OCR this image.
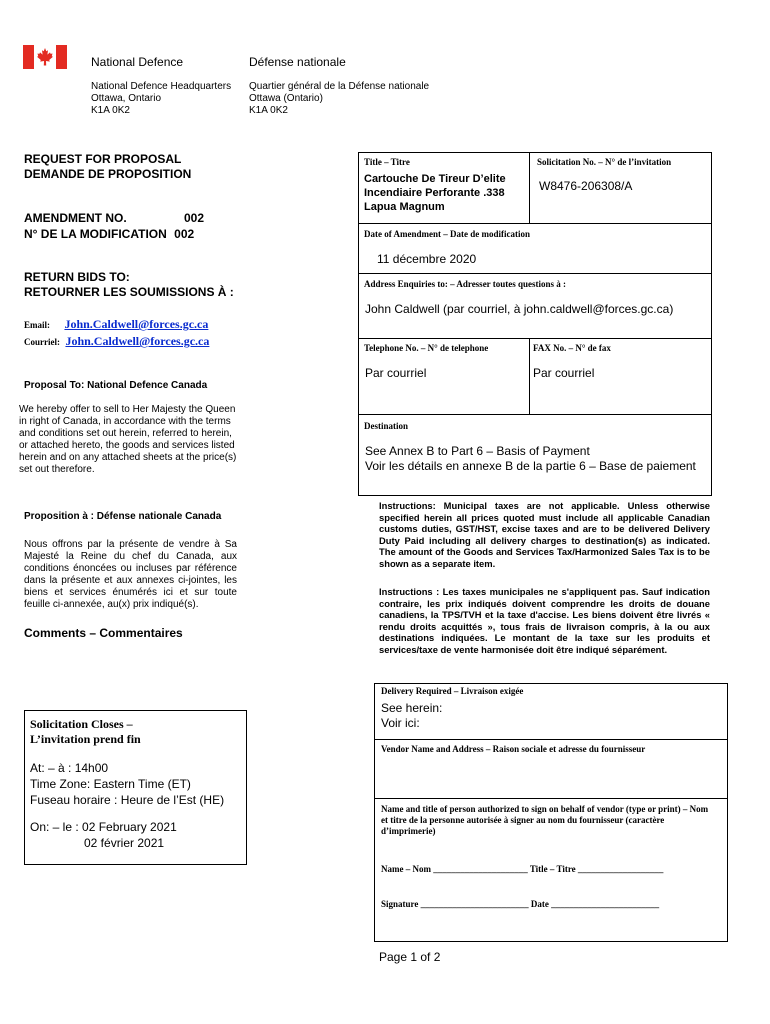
National Defence	Défense nationale
National Defence Headquarters
Ottawa, Ontario
K1A 0K2
Quartier général de la Défense nationale
Ottawa (Ontario)
K1A 0K2
REQUEST FOR PROPOSAL
DEMANDE DE PROPOSITION
AMENDMENT NO.	002
N° DE LA MODIFICATION 002
RETURN BIDS TO:
RETOURNER LES SOUMISSIONS À :
Email: John.Caldwell@forces.gc.ca
Courriel: John.Caldwell@forces.gc.ca
Proposal To: National Defence Canada
We hereby offer to sell to Her Majesty the Queen in right of Canada, in accordance with the terms and conditions set out herein, referred to herein, or attached hereto, the goods and services listed herein and on any attached sheets at the price(s) set out therefore.
Proposition à : Défense nationale Canada
Nous offrons par la présente de vendre à Sa Majesté la Reine du chef du Canada, aux conditions énoncées ou incluses par référence dans la présente et aux annexes ci-jointes, les biens et services énumérés ici et sur toute feuille ci-annexée, au(x) prix indiqué(s).
Comments – Commentaires
Solicitation Closes –
L’invitation prend fin
At: – à : 14h00
Time Zone: Eastern Time (ET)
Fuseau horaire : Heure de l’Est (HE)
On: – le : 02 February 2021
02 février 2021
Title – Titre
Cartouche De Tireur D’elite Incendiaire Perforante .338 Lapua Magnum
Solicitation No. – N° de l’invitation
W8476-206308/A
Date of Amendment – Date de modification
11 décembre 2020
Address Enquiries to: – Adresser toutes questions à :
John Caldwell (par courriel, à john.caldwell@forces.gc.ca)
Telephone No. – N° de telephone
Par courriel
FAX No. – N° de fax
Par courriel
Destination
See Annex B to Part 6 – Basis of Payment
Voir les détails en annexe B de la partie 6 – Base de paiement
Instructions: Municipal taxes are not applicable. Unless otherwise specified herein all prices quoted must include all applicable Canadian customs duties, GST/HST, excise taxes and are to be delivered Delivery Duty Paid including all delivery charges to destination(s) as indicated. The amount of the Goods and Services Tax/Harmonized Sales Tax is to be shown as a separate item.
Instructions : Les taxes municipales ne s'appliquent pas. Sauf indication contraire, les prix indiqués doivent comprendre les droits de douane canadiens, la TPS/TVH et la taxe d'accise. Les biens doivent être livrés « rendu droits acquittés », tous frais de livraison compris, à la ou aux destinations indiquées. Le montant de la taxe sur les produits et services/taxe de vente harmonisée doit être indiqué séparément.
Delivery Required – Livraison exigée
See herein:
Voir ici:
Vendor Name and Address – Raison sociale et adresse du fournisseur
Name and title of person authorized to sign on behalf of vendor (type or print) – Nom et titre de la personne autorisée à signer au nom du fournisseur (caractère d’imprimerie)
Name – Nom _____________________ Title – Titre ___________________
Signature ________________________ Date ________________________
Page 1 of 2
